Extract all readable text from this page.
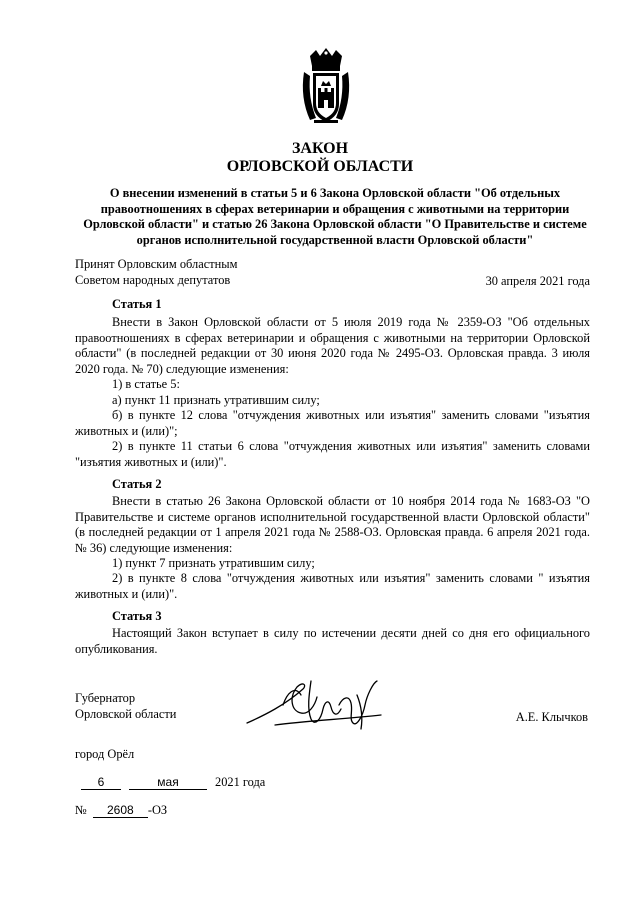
ЗАКОН
ОРЛОВСКОЙ ОБЛАСТИ
О внесении изменений в статьи 5 и 6 Закона Орловской области "Об отдельных правоотношениях в сферах ветеринарии и обращения с животными на территории Орловской области" и статью 26 Закона Орловской области "О Правительстве и системе органов исполнительной государственной власти Орловской области"
Принят Орловским областным
Советом народных депутатов	30 апреля 2021 года
Статья 1
Внести в Закон Орловской области от 5 июля 2019 года № 2359-ОЗ "Об отдельных правоотношениях в сферах ветеринарии и обращения с животными на территории Орловской области" (в последней редакции от 30 июня 2020 года № 2495-ОЗ. Орловская правда. 3 июля 2020 года. № 70) следующие изменения:
1) в статье 5:
а) пункт 11 признать утратившим силу;
б) в пункте 12 слова "отчуждения животных или изъятия" заменить словами "изъятия животных и (или)";
2) в пункте 11 статьи 6 слова "отчуждения животных или изъятия" заменить словами "изъятия животных и (или)".
Статья 2
Внести в статью 26 Закона Орловской области от 10 ноября 2014 года № 1683-ОЗ "О Правительстве и системе органов исполнительной государственной власти Орловской области" (в последней редакции от 1 апреля 2021 года № 2588-ОЗ. Орловская правда. 6 апреля 2021 года. № 36) следующие изменения:
1) пункт 7 признать утратившим силу;
2) в пункте 8 слова "отчуждения животных или изъятия" заменить словами " изъятия животных и (или)".
Статья 3
Настоящий Закон вступает в силу по истечении десяти дней со дня его официального опубликования.
Губернатор
Орловской области	А.Е. Клычков
город Орёл
6	мая	2021 года
№ 2608 -ОЗ
